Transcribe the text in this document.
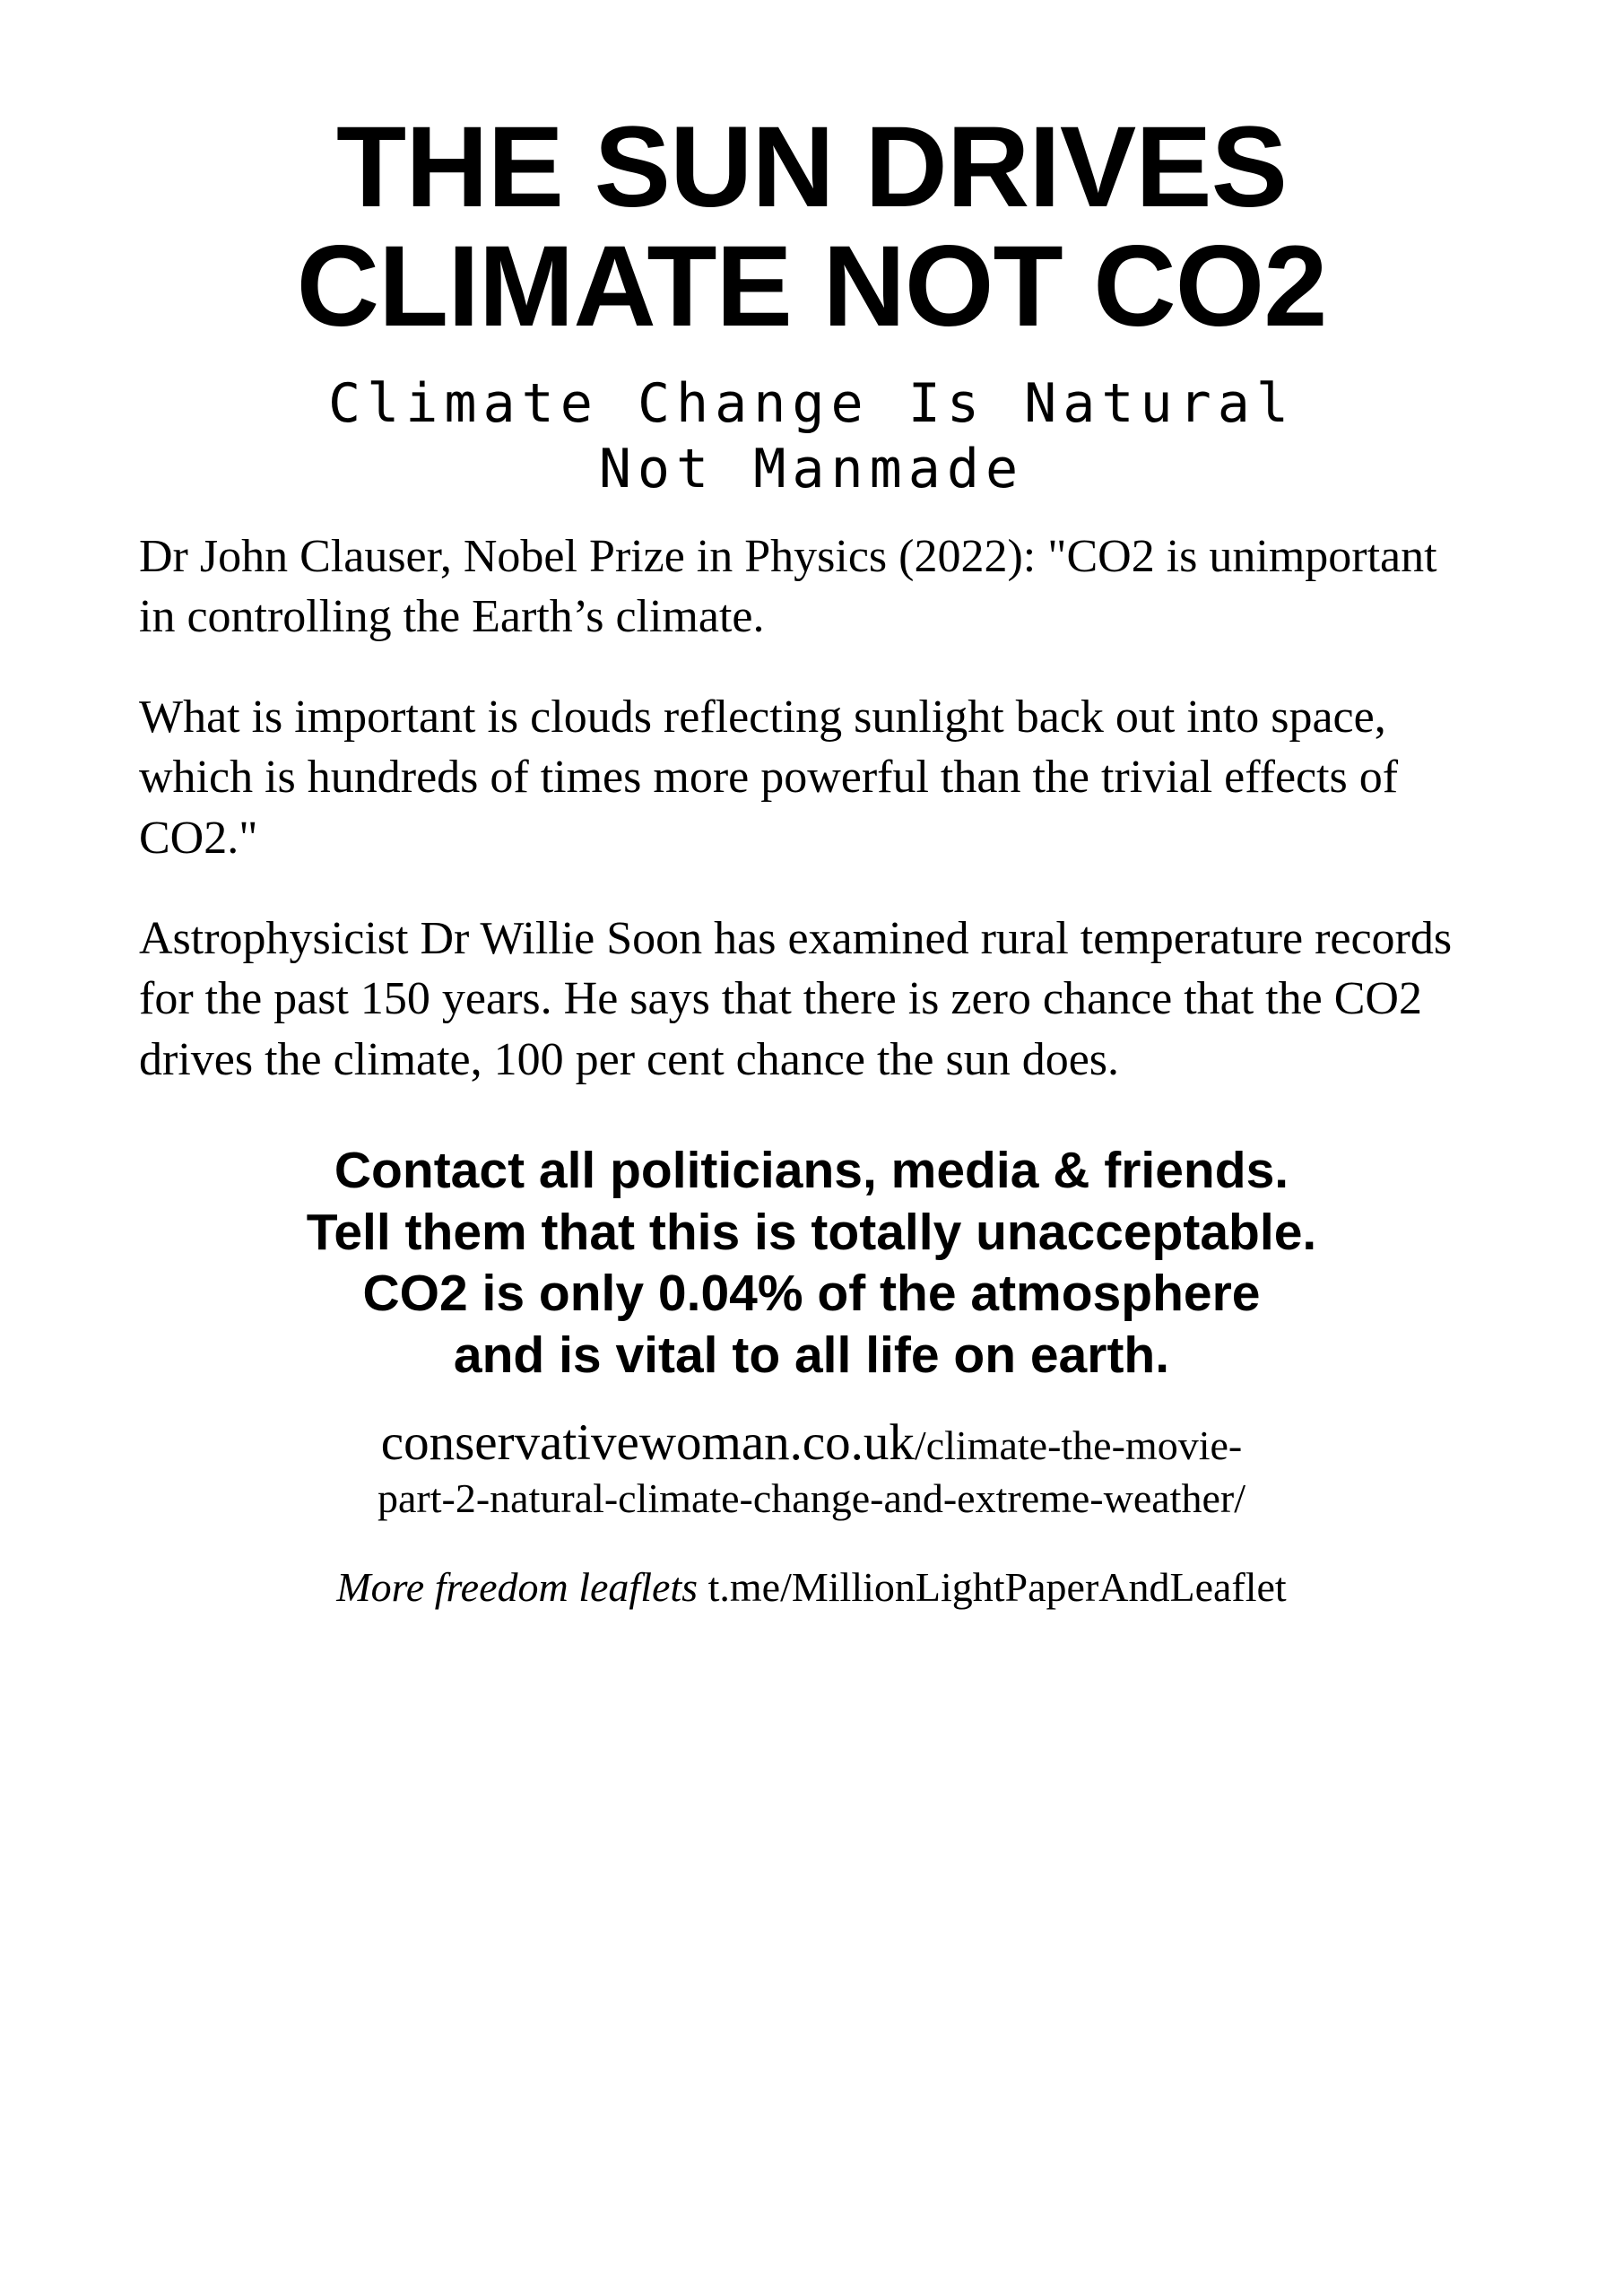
THE SUN DRIVES
CLIMATE NOT CO2
Climate Change Is Natural
Not Manmade

Dr John Clauser, Nobel Prize in Physics (2022): "CO2 is unimportant in controlling the Earth’s climate.

What is important is clouds reflecting sunlight back out into space, which is hundreds of times more powerful than the trivial effects of CO2."

Astrophysicist Dr Willie Soon has examined rural temperature records for the past 150 years. He says that there is zero chance that the CO2 drives the climate, 100 per cent chance the sun does.

Contact all politicians, media & friends.
Tell them that this is totally unacceptable.
CO2 is only 0.04% of the atmosphere
and is vital to all life on earth.
conservativewoman.co.uk/climate-the-movie-
part-2-natural-climate-change-and-extreme-weather/
More freedom leaflets t.me/MillionLightPaperAndLeaflet
